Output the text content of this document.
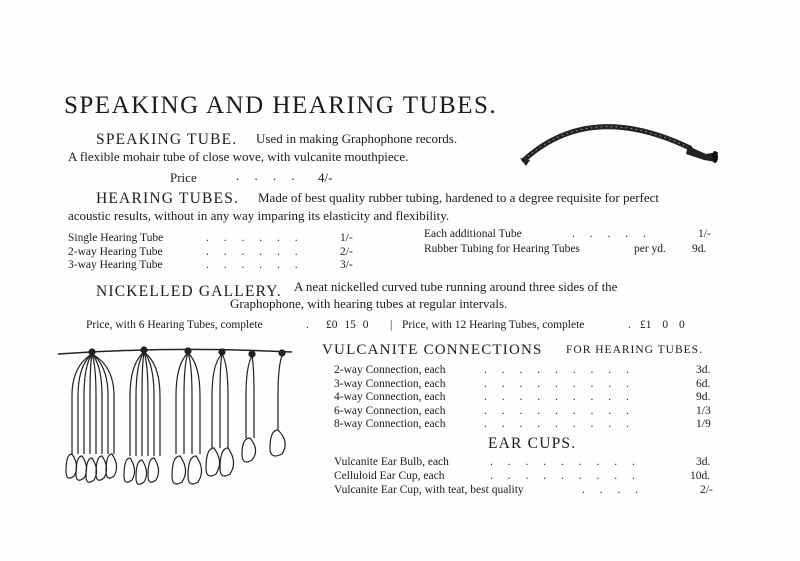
SPEAKING AND HEARING TUBES.
SPEAKING TUBE. Used in making Graphophone records.
A flexible mohair tube of close wove, with vulcanite mouthpiece.
Price	. . . . 4/-
HEARING TUBES. Made of best quality rubber tubing, hardened to a degree requisite for perfect
acoustic results, without in any way imparing its elasticity and flexibility.
Single Hearing Tube	. . . . . .	1/-
2-way Hearing Tube	. . . . . .	2/-
3-way Hearing Tube	. . . . . .	3/-
Each additional Tube	. . . . .	1/-
Rubber Tubing for Hearing Tubes	per yd. 9d.
NICKELLED GALLERY. A neat nickelled curved tube running around three sides of the
Graphophone, with hearing tubes at regular intervals.
Price, with 6 Hearing Tubes, complete	. £0 15 0 | Price, with 12 Hearing Tubes, complete	. £1 0 0
VULCANITE CONNECTIONS FOR HEARING TUBES.
2-way Connection, each	. . . . . . . . .	3d.
3-way Connection, each	. . . . . . . . .	6d.
4-way Connection, each	. . . . . . . . .	9d.
6-way Connection, each	. . . . . . . . .	1/3
8-way Connection, each	. . . . . . . . .	1/9
EAR CUPS.
Vulcanite Ear Bulb, each	. . . . . . . . .	3d.
Celluloid Ear Cup, each	. . . . . . . . .	10d.
Vulcanite Ear Cup, with teat, best quality	. . . .	2/-
